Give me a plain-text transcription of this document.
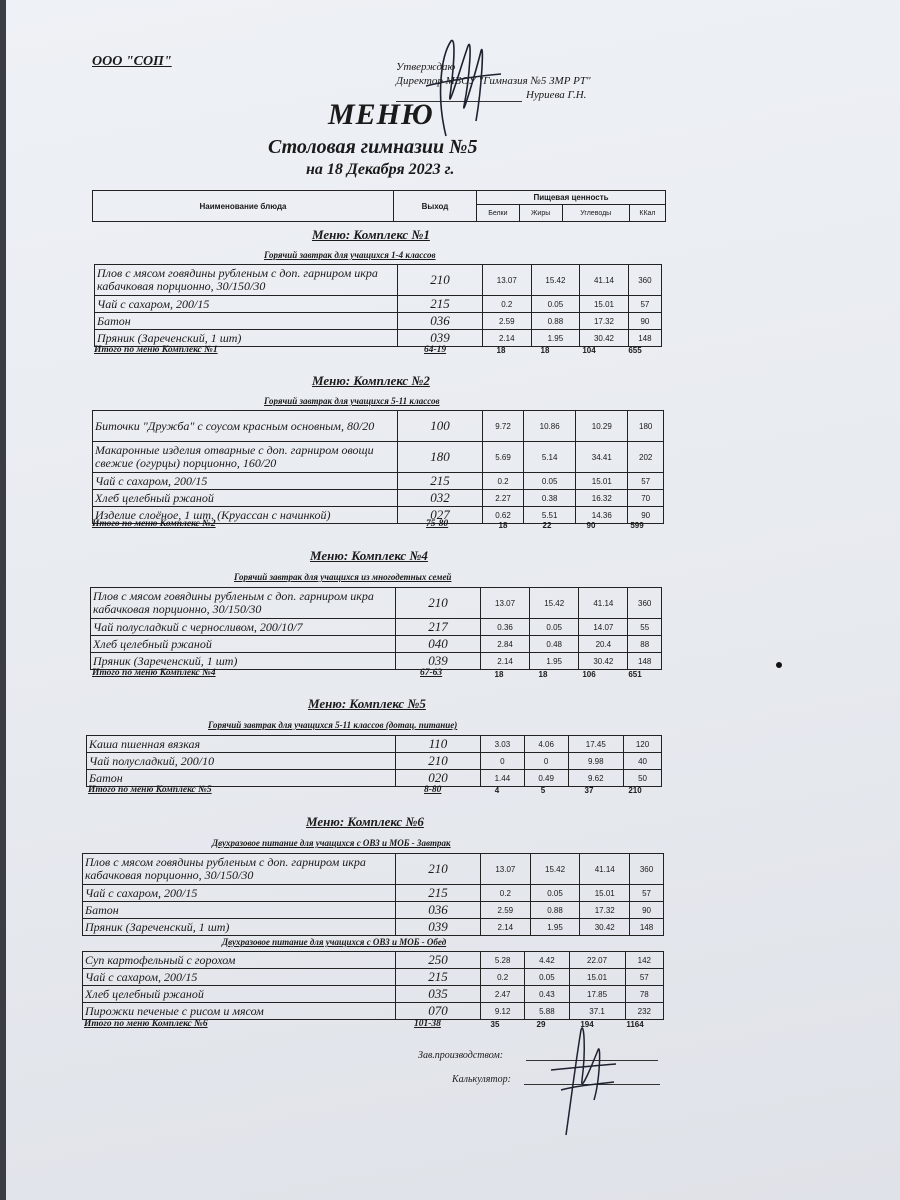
ООО "СОП"	Утверждаю
Директор МБОУ "Гимназия №5 ЗМР РТ"
Нуриева Г.Н.
МЕНЮ
Столовая гимназии №5
на 18 Декабря 2023 г.
Наименование блюда	Выход	Пищевая ценность			
		Белки	Жиры	Углеводы	ККал
Меню: Комплекс №1
Горячий завтрак для учащихся 1-4 классов
Плов с мясом говядины рубленым с доп. гарниром икра кабачковая порционно, 30/150/30	210	13.07	15.42	41.14	360
Чай с сахаром, 200/15	215	0.2	0.05	15.01	57
Батон	036	2.59	0.88	17.32	90
Пряник (Зареченский, 1 шт)	039	2.14	1.95	30.42	148
Итого по меню Комплекс №1	64-19	18	18	104	655
Меню: Комплекс №2
Горячий завтрак для учащихся 5-11 классов
Биточки "Дружба" с соусом красным основным, 80/20	100	9.72	10.86	10.29	180
Макаронные изделия отварные с доп. гарниром овощи свежие (огурцы) порционно, 160/20	180	5.69	5.14	34.41	202
Чай с сахаром, 200/15	215	0.2	0.05	15.01	57
Хлеб целебный ржаной	032	2.27	0.38	16.32	70
Изделие слоёное, 1 шт. (Круассан с начинкой)	027	0.62	5.51	14.36	90
Итого по меню Комплекс №2	75-80	18	22	90	599
Меню: Комплекс №4
Горячий завтрак для учащихся из многодетных семей
Плов с мясом говядины рубленым с доп. гарниром икра кабачковая порционно, 30/150/30	210	13.07	15.42	41.14	360
Чай полусладкий с черносливом, 200/10/7	217	0.36	0.05	14.07	55
Хлеб целебный ржаной	040	2.84	0.48	20.4	88
Пряник (Зареченский, 1 шт)	039	2.14	1.95	30.42	148
Итого по меню Комплекс №4	67-63	18	18	106	651
Меню: Комплекс №5
Горячий завтрак для учащихся 5-11 классов (дотац. питание)
Каша пшенная вязкая	110	3.03	4.06	17.45	120
Чай полусладкий, 200/10	210	0	0	9.98	40
Батон	020	1.44	0.49	9.62	50
Итого по меню Комплекс №5	8-80	4	5	37	210
Меню: Комплекс №6
Двухразовое питание для учащихся с ОВЗ и МОБ - Завтрак
Плов с мясом говядины рубленым с доп. гарниром икра кабачковая порционно, 30/150/30	210	13.07	15.42	41.14	360
Чай с сахаром, 200/15	215	0.2	0.05	15.01	57
Батон	036	2.59	0.88	17.32	90
Пряник (Зареченский, 1 шт)	039	2.14	1.95	30.42	148
Двухразовое питание для учащихся с ОВЗ и МОБ - Обед
Суп картофельный с горохом	250	5.28	4.42	22.07	142
Чай с сахаром, 200/15	215	0.2	0.05	15.01	57
Хлеб целебный ржаной	035	2.47	0.43	17.85	78
Пирожки печеные с рисом и мясом	070	9.12	5.88	37.1	232
Итого по меню Комплекс №6	101-38	35	29	194	1164
Зав.производством:
Калькулятор:
